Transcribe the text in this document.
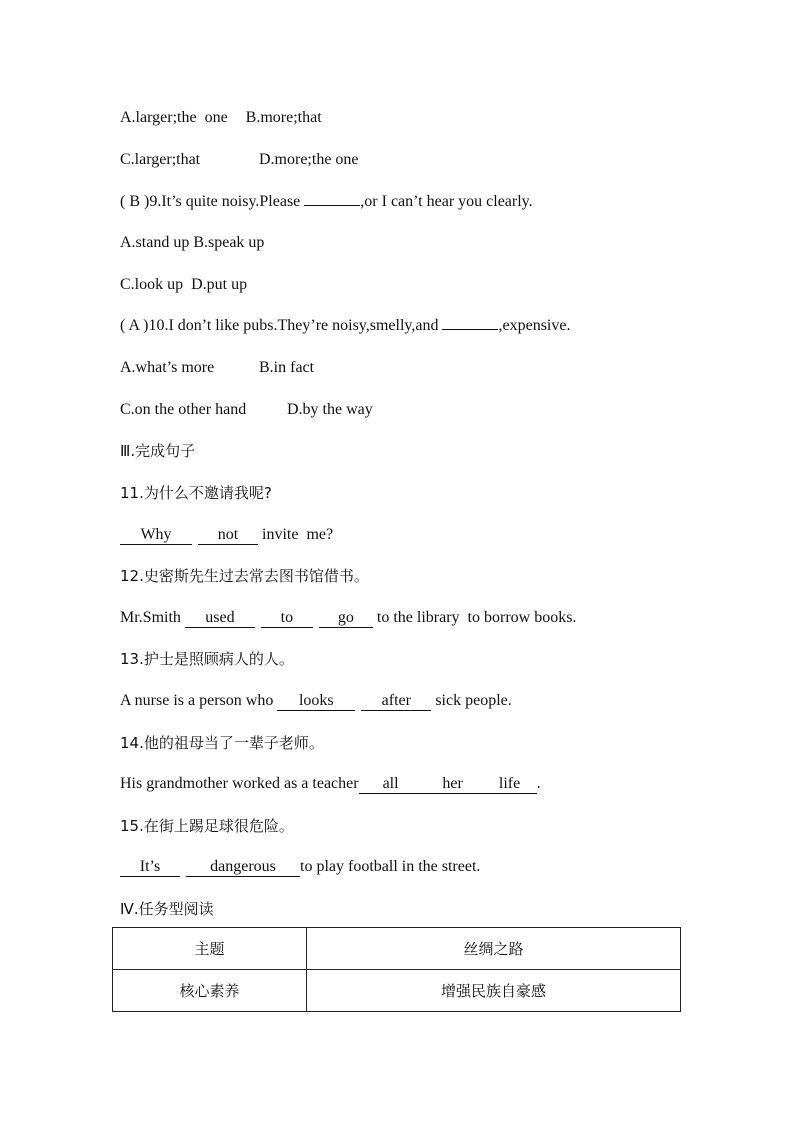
A.larger;the  one B.more;that
C.larger;that	D.more;the one
( B )9.It’s quite noisy.Please	,or I can’t hear you clearly.
A.stand up B.speak up
C.look up  D.put up
( A )10.I don’t like pubs.They’re noisy,smelly,and	,expensive.
A.what’s more	B.in fact
C.on the other hand	D.by the way
Ⅲ.完成句子
11.为什么不邀请我呢?
Why	not invite  me?
12.史密斯先生过去常去图书馆借书。
Mr.Smith used	to	go to the library  to borrow books.
13.护士是照顾病人的人。
A nurse is a person who looks	after sick people.
14.他的祖母当了一辈子老师。
His grandmother worked as a teacher all	her life .
15.在街上踢足球很危险。
It’s	dangerous to play football in the street.
Ⅳ.任务型阅读
主题	丝绸之路
核心素养	增强民族自豪感
